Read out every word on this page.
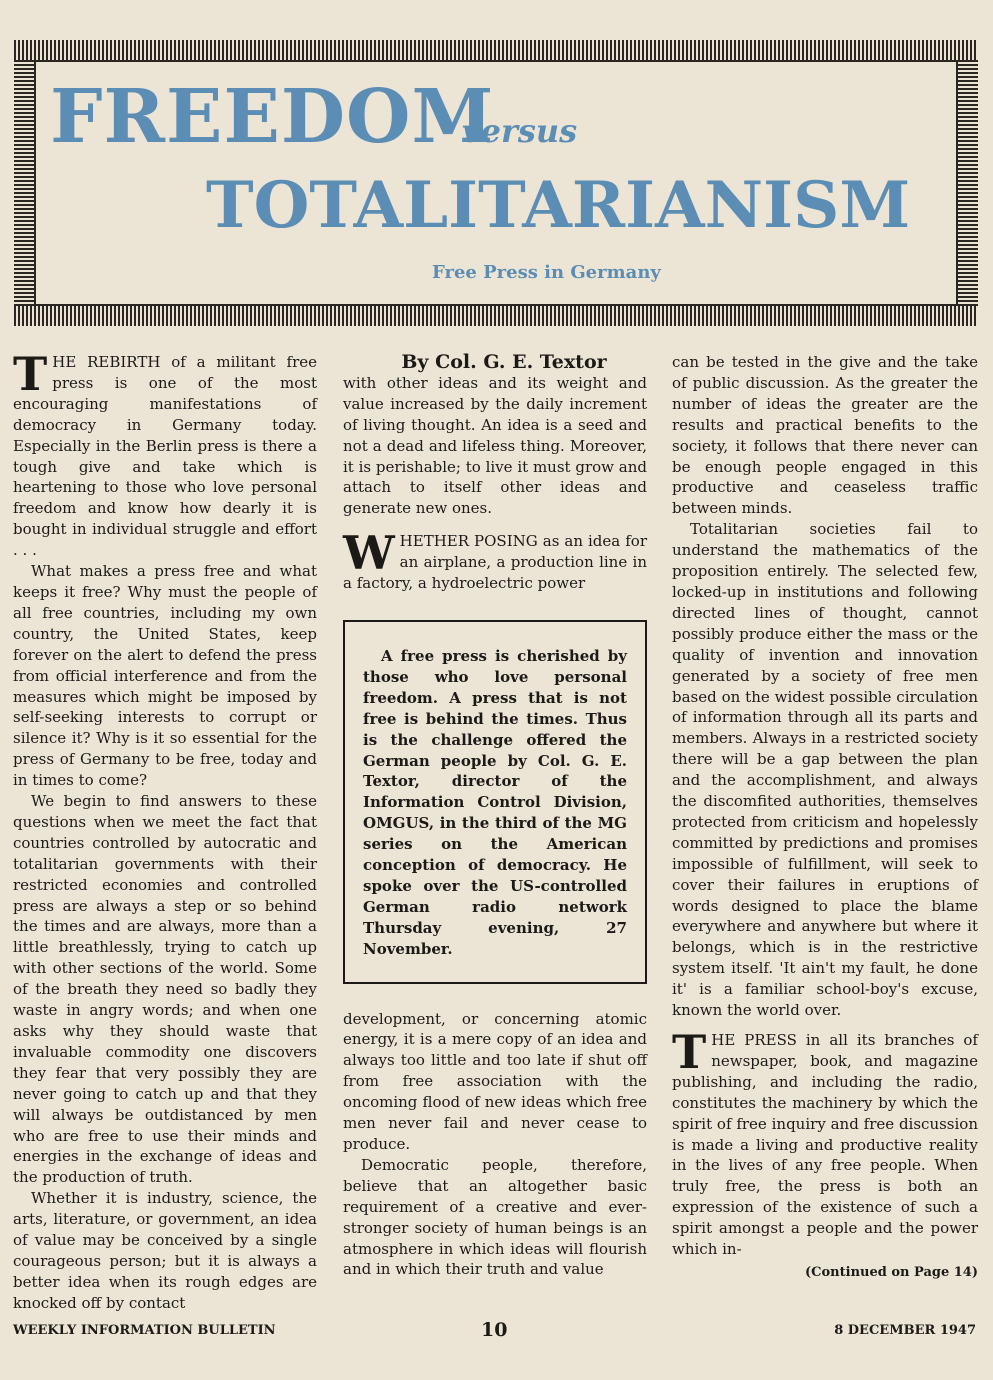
FREEDOM
versus
TOTALITARIANISM
Free Press in Germany

THE REBIRTH of a militant free press is one of the most encouraging manifestations of democracy in Germany today. Especially in the Berlin press is there a tough give and take which is heartening to those who love personal freedom and know how dearly it is bought in individual struggle and effort . . .

What makes a press free and what keeps it free? Why must the people of all free countries, including my own country, the United States, keep forever on the alert to defend the press from official interference and from the measures which might be imposed by self-seeking interests to corrupt or silence it? Why is it so essential for the press of Germany to be free, today and in times to come?

We begin to find answers to these questions when we meet the fact that countries controlled by autocratic and totalitarian governments with their restricted economies and controlled press are always a step or so behind the times and are always, more than a little breathlessly, trying to catch up with other sections of the world. Some of the breath they need so badly they waste in angry words; and when one asks why they should waste that invaluable commodity one discovers they fear that very possibly they are never going to catch up and that they will always be outdistanced by men who are free to use their minds and energies in the exchange of ideas and the production of truth.

Whether it is industry, science, the arts, literature, or government, an idea of value may be conceived by a single courageous person; but it is always a better idea when its rough edges are knocked off by contact

By Col. G. E. Textor

with other ideas and its weight and value increased by the daily increment of living thought. An idea is a seed and not a dead and lifeless thing. Moreover, it is perishable; to live it must grow and attach to itself other ideas and generate new ones.

WHETHER POSING as an idea for an airplane, a production line in a factory, a hydroelectric power

A free press is cherished by those who love personal freedom. A press that is not free is behind the times. Thus is the challenge offered the German people by Col. G. E. Textor, director of the Information Control Division, OMGUS, in the third of the MG series on the American conception of democracy. He spoke over the US-controlled German radio network Thursday evening, 27 November.

development, or concerning atomic energy, it is a mere copy of an idea and always too little and too late if shut off from free association with the oncoming flood of new ideas which free men never fail and never cease to produce.

Democratic people, therefore, believe that an altogether basic requirement of a creative and ever-stronger society of human beings is an atmosphere in which ideas will flourish and in which their truth and value

can be tested in the give and the take of public discussion. As the greater the number of ideas the greater are the results and practical benefits to the society, it follows that there never can be enough people engaged in this productive and ceaseless traffic between minds.

Totalitarian societies fail to understand the mathematics of the proposition entirely. The selected few, locked-up in institutions and following directed lines of thought, cannot possibly produce either the mass or the quality of invention and innovation generated by a society of free men based on the widest possible circulation of information through all its parts and members. Always in a restricted society there will be a gap between the plan and the accomplishment, and always the discomfited authorities, themselves protected from criticism and hopelessly committed by predictions and promises impossible of fulfillment, will seek to cover their failures in eruptions of words designed to place the blame everywhere and anywhere but where it belongs, which is in the restrictive system itself. 'It ain't my fault, he done it' is a familiar school-boy's excuse, known the world over.

THE PRESS in all its branches of newspaper, book, and magazine publishing, and including the radio, constitutes the machinery by which the spirit of free inquiry and free discussion is made a living and productive reality in the lives of any free people. When truly free, the press is both an expression of the existence of such a spirit amongst a people and the power which in-

(Continued on Page 14)
WEEKLY INFORMATION BULLETIN	10	8 DECEMBER 1947
